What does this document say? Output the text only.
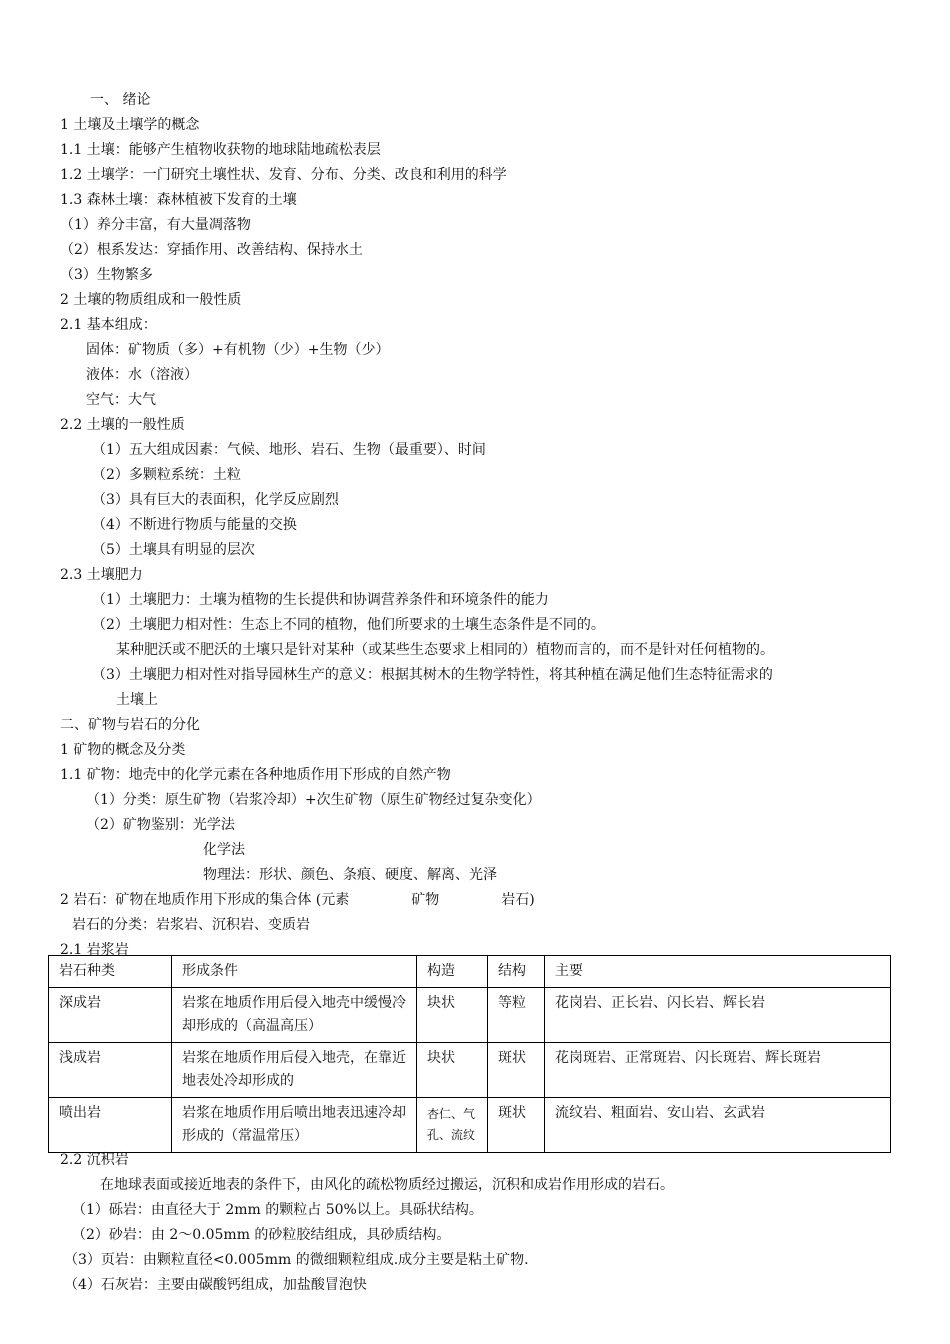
一、 绪论
1 土壤及土壤学的概念
1.1 土壤：能够产生植物收获物的地球陆地疏松表层
1.2 土壤学：一门研究土壤性状、发育、分布、分类、改良和利用的科学
1.3 森林土壤：森林植被下发育的土壤
（1）养分丰富，有大量凋落物
（2）根系发达：穿插作用、改善结构、保持水土
（3）生物繁多
2 土壤的物质组成和一般性质
2.1 基本组成：
固体：矿物质（多）+有机物（少）+生物（少）
液体：水（溶液）
空气：大气
2.2 土壤的一般性质
（1）五大组成因素：气候、地形、岩石、生物（最重要）、时间
（2）多颗粒系统：土粒
（3）具有巨大的表面积，化学反应剧烈
（4）不断进行物质与能量的交换
（5）土壤具有明显的层次
2.3 土壤肥力
（1）土壤肥力：土壤为植物的生长提供和协调营养条件和环境条件的能力
（2）土壤肥力相对性：生态上不同的植物，他们所要求的土壤生态条件是不同的。
某种肥沃或不肥沃的土壤只是针对某种（或某些生态要求上相同的）植物而言的，而不是针对任何植物的。
（3）土壤肥力相对性对指导园林生产的意义：根据其树木的生物学特性，将其种植在满足他们生态特征需求的
土壤上
二、矿物与岩石的分化
1 矿物的概念及分类
1.1 矿物：地壳中的化学元素在各种地质作用下形成的自然产物
（1）分类：原生矿物（岩浆冷却）+次生矿物（原生矿物经过复杂变化）
（2）矿物鉴别：光学法
化学法
物理法：形状、颜色、条痕、硬度、解离、光泽
2 岩石：矿物在地质作用下形成的集合体 (元素	矿物	岩石)
岩石的分类：岩浆岩、沉积岩、变质岩
2.1 岩浆岩
岩石种类	形成条件	构造	结构	主要
深成岩	岩浆在地质作用后侵入地壳中缓慢冷却形成的（高温高压）	块状	等粒	花岗岩、正长岩、闪长岩、辉长岩
浅成岩	岩浆在地质作用后侵入地壳，在靠近地表处冷却形成的	块状	斑状	花岗斑岩、正常斑岩、闪长斑岩、辉长斑岩
喷出岩	岩浆在地质作用后喷出地表迅速冷却形成的（常温常压）	杏仁、气孔、流纹	斑状	流纹岩、粗面岩、安山岩、玄武岩
2.2 沉积岩
在地球表面或接近地表的条件下，由风化的疏松物质经过搬运，沉积和成岩作用形成的岩石。
（1）砾岩：由直径大于 2mm 的颗粒占 50%以上。具砾状结构。
（2）砂岩：由 2～0.05mm 的砂粒胶结组成，具砂质结构。
（3）页岩：由颗粒直径<0.005mm 的微细颗粒组成.成分主要是粘土矿物.
（4）石灰岩：主要由碳酸钙组成，加盐酸冒泡快
